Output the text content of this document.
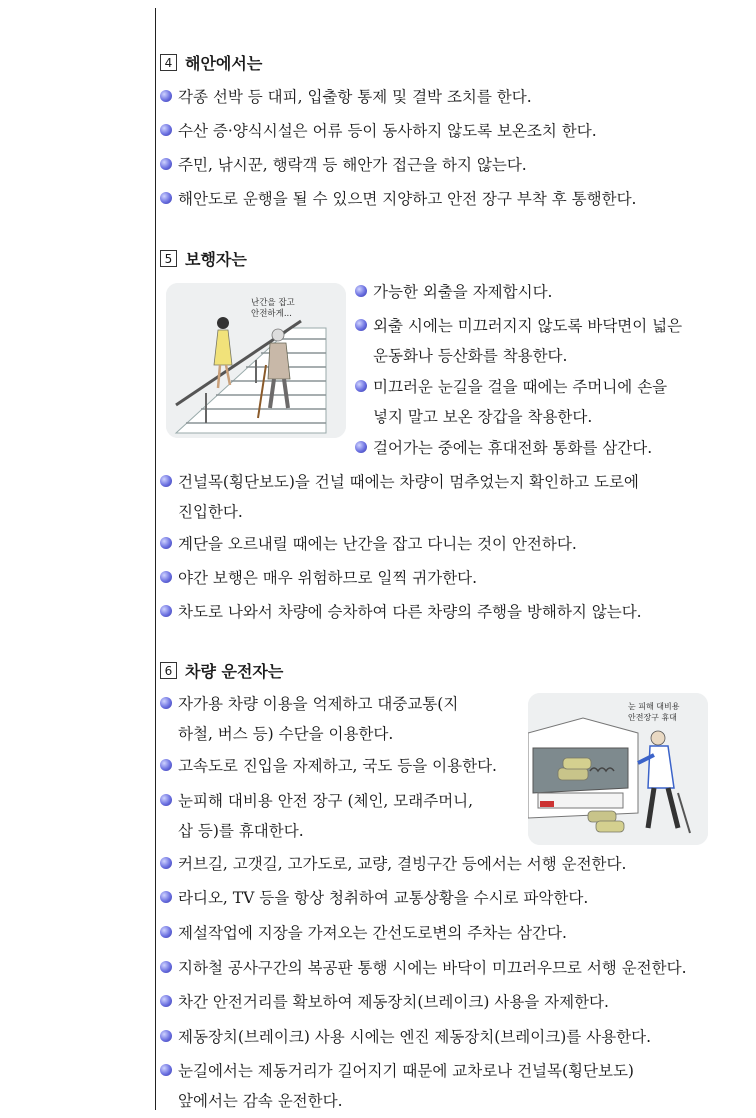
4 해안에서는
각종 선박 등 대피, 입출항 통제 및 결박 조치를 한다.
수산 증·양식시설은 어류 등이 동사하지 않도록 보온조치 한다.
주민, 낚시꾼, 행락객 등 해안가 접근을 하지 않는다.
해안도로 운행을 될 수 있으면 지양하고 안전 장구 부착 후 통행한다.
5 보행자는
난간을 잡고
안전하게...
가능한 외출을 자제합시다.
외출 시에는 미끄러지지 않도록 바닥면이 넓은
운동화나 등산화를 착용한다.
미끄러운 눈길을 걸을 때에는 주머니에 손을
넣지 말고 보온 장갑을 착용한다.
걸어가는 중에는 휴대전화 통화를 삼간다.
건널목(횡단보도)을 건널 때에는 차량이 멈추었는지 확인하고 도로에
진입한다.
계단을 오르내릴 때에는 난간을 잡고 다니는 것이 안전하다.
야간 보행은 매우 위험하므로 일찍 귀가한다.
차도로 나와서 차량에 승차하여 다른 차량의 주행을 방해하지 않는다.
6 차량 운전자는
눈 피해 대비용
안전장구 휴대
자가용 차량 이용을 억제하고 대중교통(지
하철, 버스 등) 수단을 이용한다.
고속도로 진입을 자제하고, 국도 등을 이용한다.
눈피해 대비용 안전 장구 (체인, 모래주머니,
삽 등)를 휴대한다.
커브길, 고갯길, 고가도로, 교량, 결빙구간 등에서는 서행 운전한다.
라디오, TV 등을 항상 청취하여 교통상황을 수시로 파악한다.
제설작업에 지장을 가져오는 간선도로변의 주차는 삼간다.
지하철 공사구간의 복공판 통행 시에는 바닥이 미끄러우므로 서행 운전한다.
차간 안전거리를 확보하여 제동장치(브레이크) 사용을 자제한다.
제동장치(브레이크) 사용 시에는 엔진 제동장치(브레이크)를 사용한다.
눈길에서는 제동거리가 길어지기 때문에 교차로나 건널목(횡단보도)
앞에서는 감속 운전한다.
